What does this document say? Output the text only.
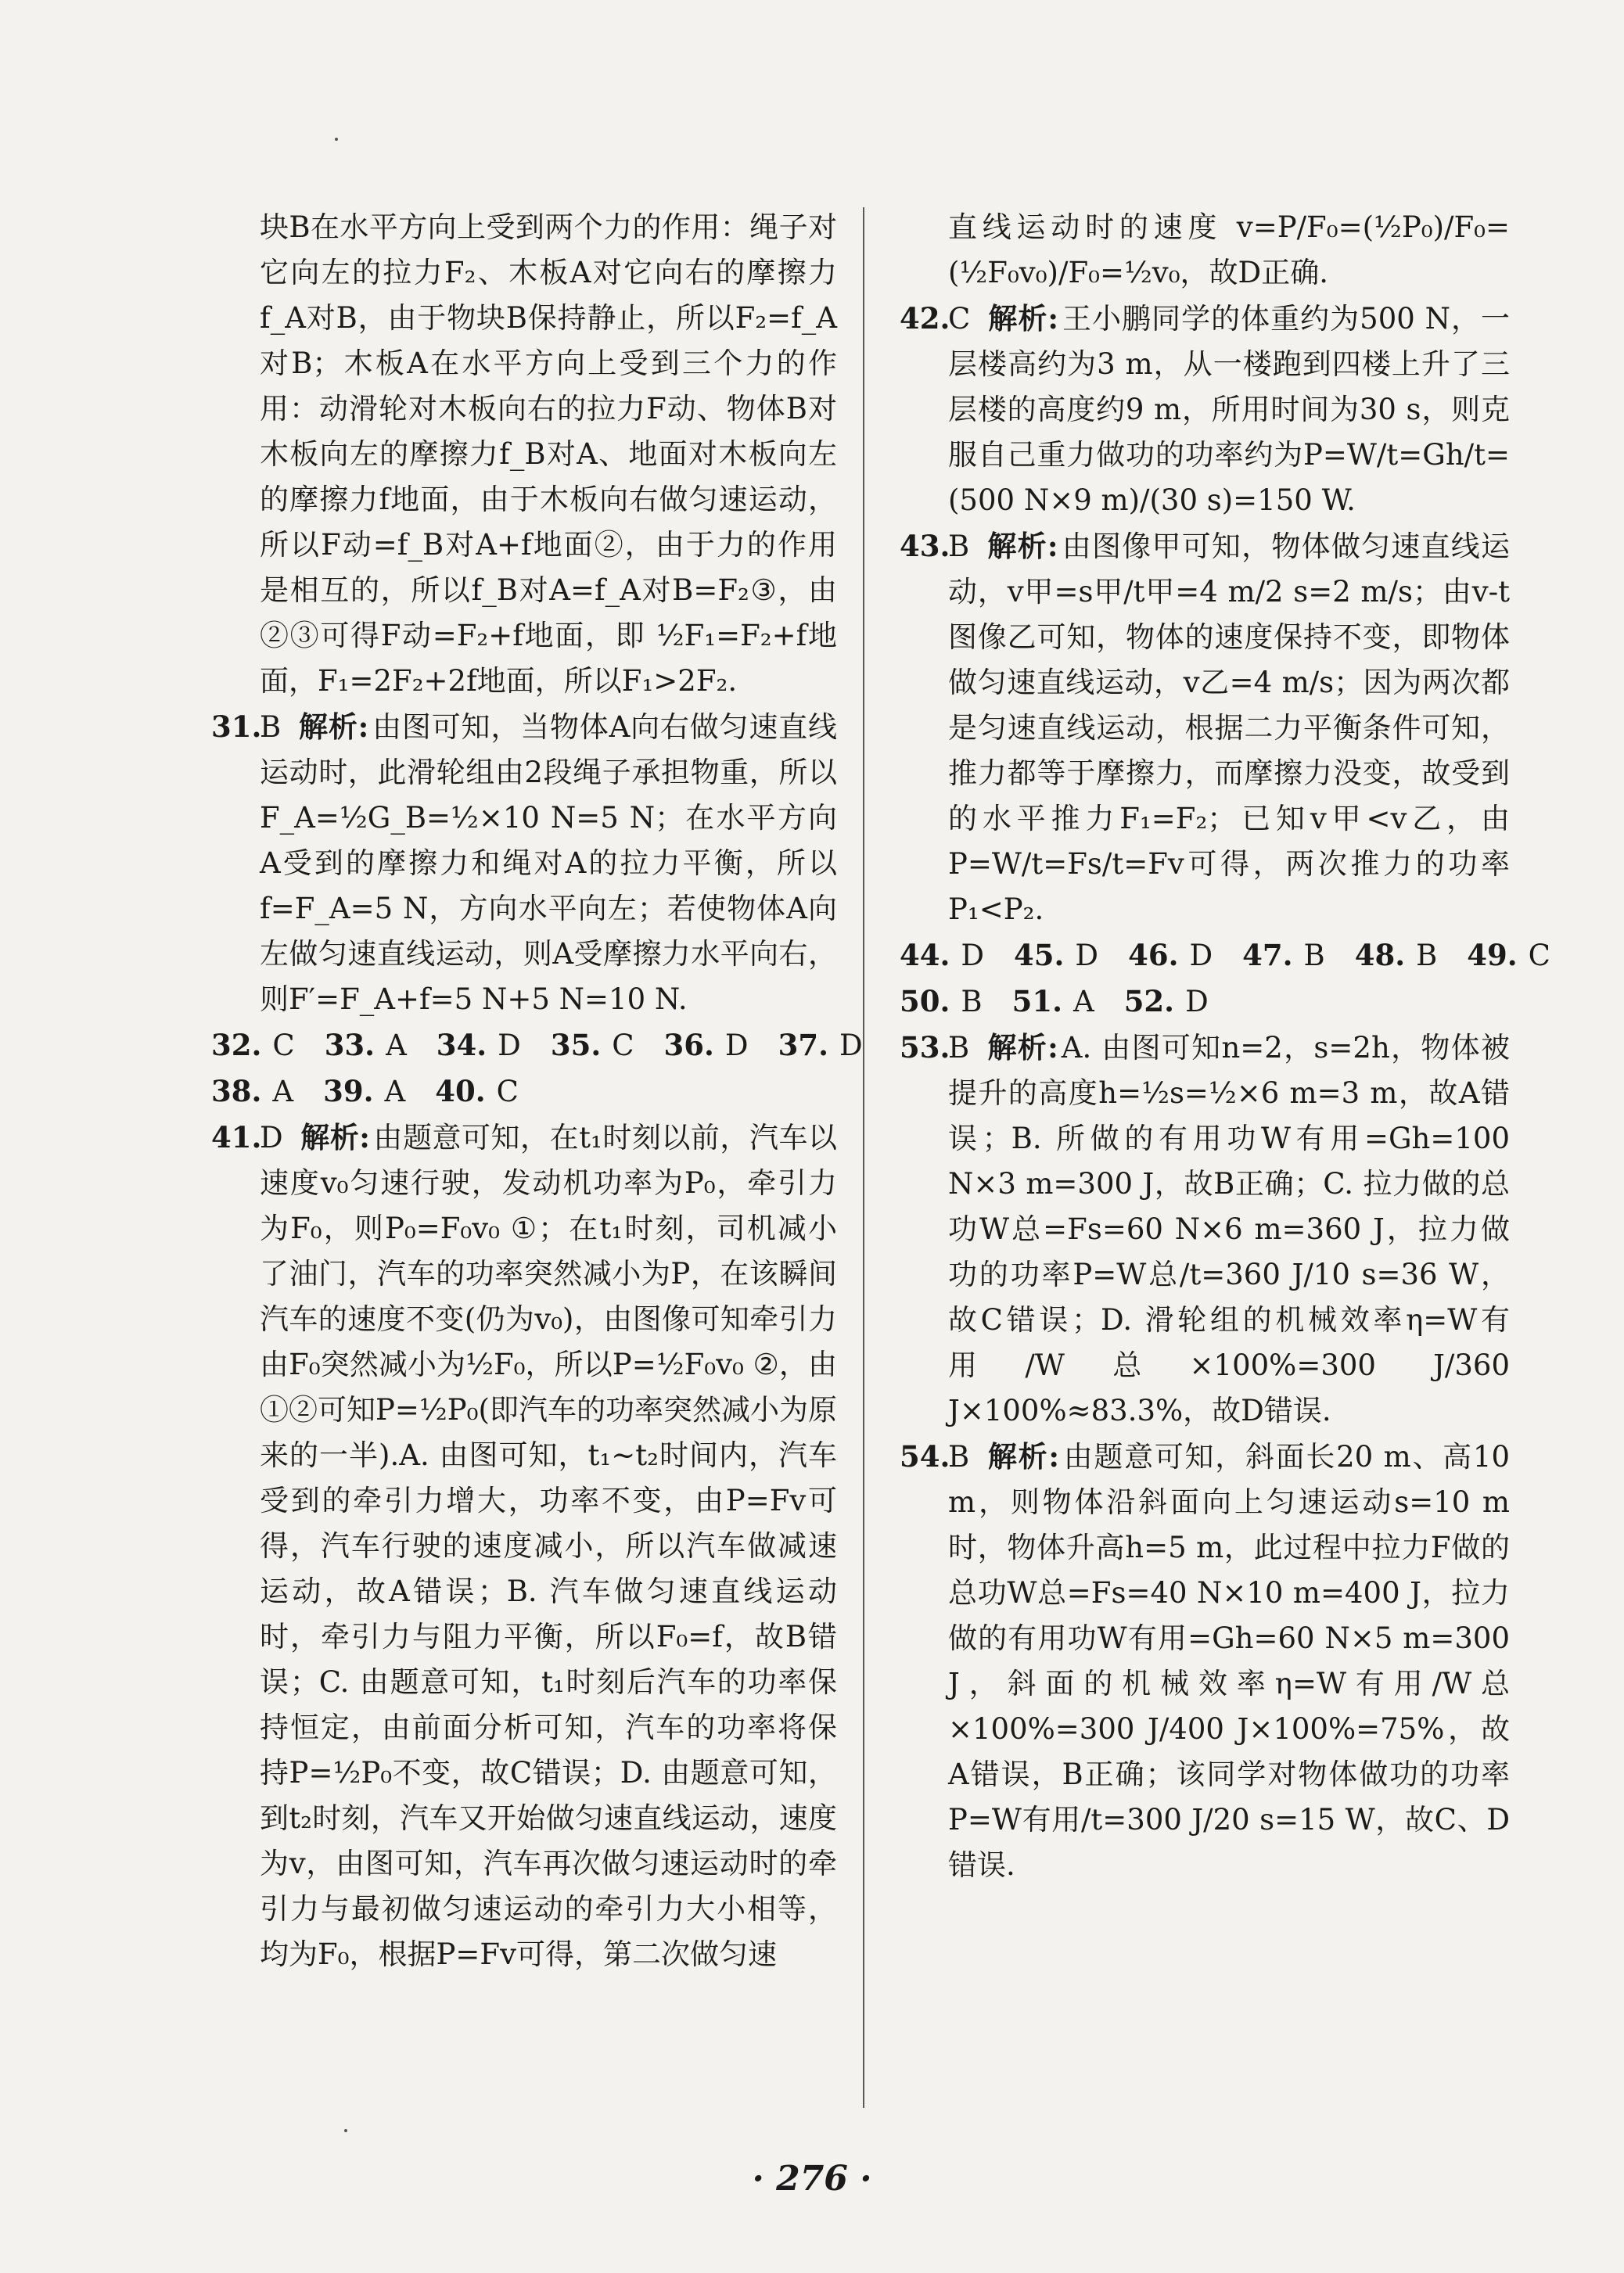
块B在水平方向上受到两个力的作用：绳子对它向左的拉力F₂、木板A对它向右的摩擦力f_A对B，由于物块B保持静止，所以F₂=f_A对B；木板A在水平方向上受到三个力的作用：动滑轮对木板向右的拉力F动、物体B对木板向左的摩擦力f_B对A、地面对木板向左的摩擦力f地面，由于木板向右做匀速运动，所以F动=f_B对A+f地面②，由于力的作用是相互的，所以f_B对A=f_A对B=F₂③，由②③可得F动=F₂+f地面，即 ½F₁=F₂+f地面，F₁=2F₂+2f地面，所以F₁>2F₂.

31.
B 解析: 由图可知，当物体A向右做匀速直线运动时，此滑轮组由2段绳子承担物重，所以F_A=½G_B=½×10 N=5 N；在水平方向A受到的摩擦力和绳对A的拉力平衡，所以f=F_A=5 N，方向水平向左；若使物体A向左做匀速直线运动，则A受摩擦力水平向右，则F′=F_A+f=5 N+5 N=10 N.

32. C 33. A 34. D 35. C 36. D 37. D

38. A 39. A 40. C

41.
D 解析: 由题意可知，在t₁时刻以前，汽车以速度v₀匀速行驶，发动机功率为P₀，牵引力为F₀，则P₀=F₀v₀ ①；在t₁时刻，司机减小了油门，汽车的功率突然减小为P，在该瞬间汽车的速度不变(仍为v₀)，由图像可知牵引力由F₀突然减小为½F₀，所以P=½F₀v₀ ②，由①②可知P=½P₀(即汽车的功率突然减小为原来的一半).A. 由图可知，t₁~t₂时间内，汽车受到的牵引力增大，功率不变，由P=Fv可得，汽车行驶的速度减小，所以汽车做减速运动，故A错误；B. 汽车做匀速直线运动时，牵引力与阻力平衡，所以F₀=f，故B错误；C. 由题意可知，t₁时刻后汽车的功率保持恒定，由前面分析可知，汽车的功率将保持P=½P₀不变，故C错误；D. 由题意可知，到t₂时刻，汽车又开始做匀速直线运动，速度为v，由图可知，汽车再次做匀速运动时的牵引力与最初做匀速运动的牵引力大小相等，均为F₀，根据P=Fv可得，第二次做匀速

直线运动时的速度 v=P/F₀=(½P₀)/F₀=(½F₀v₀)/F₀=½v₀，故D正确.

42.
C 解析: 王小鹏同学的体重约为500 N，一层楼高约为3 m，从一楼跑到四楼上升了三层楼的高度约9 m，所用时间为30 s，则克服自己重力做功的功率约为P=W/t=Gh/t=(500 N×9 m)/(30 s)=150 W.

43.
B 解析: 由图像甲可知，物体做匀速直线运动，v甲=s甲/t甲=4 m/2 s=2 m/s；由v-t图像乙可知，物体的速度保持不变，即物体做匀速直线运动，v乙=4 m/s；因为两次都是匀速直线运动，根据二力平衡条件可知，推力都等于摩擦力，而摩擦力没变，故受到的水平推力F₁=F₂；已知v甲<v乙，由P=W/t=Fs/t=Fv可得，两次推力的功率P₁<P₂.

44. D 45. D 46. D 47. B 48. B 49. C

50. B 51. A 52. D

53.
B 解析: A. 由图可知n=2，s=2h，物体被提升的高度h=½s=½×6 m=3 m，故A错误；B. 所做的有用功W有用=Gh=100 N×3 m=300 J，故B正确；C. 拉力做的总功W总=Fs=60 N×6 m=360 J，拉力做功的功率P=W总/t=360 J/10 s=36 W，故C错误；D. 滑轮组的机械效率η=W有用/W总×100%=300 J/360 J×100%≈83.3%，故D错误.

54.
B 解析: 由题意可知，斜面长20 m、高10 m，则物体沿斜面向上匀速运动s=10 m时，物体升高h=5 m，此过程中拉力F做的总功W总=Fs=40 N×10 m=400 J，拉力做的有用功W有用=Gh=60 N×5 m=300 J，斜面的机械效率η=W有用/W总×100%=300 J/400 J×100%=75%，故A错误，B正确；该同学对物体做功的功率P=W有用/t=300 J/20 s=15 W，故C、D错误.

· 276 ·
